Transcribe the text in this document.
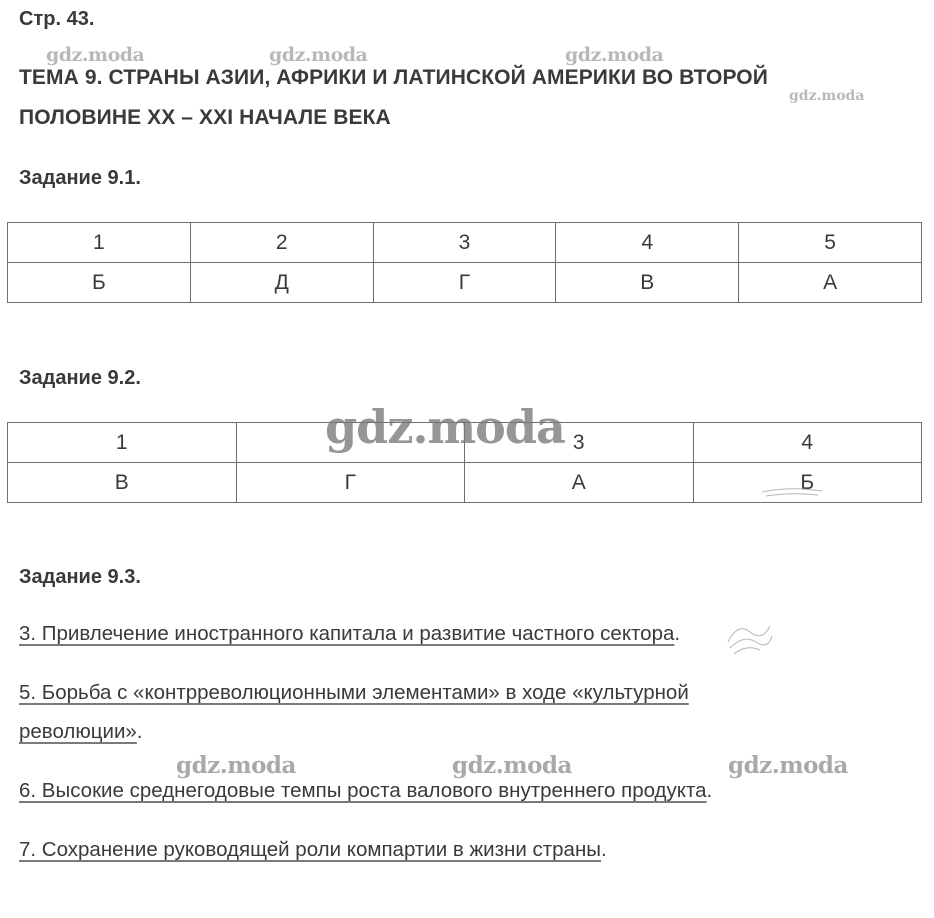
Стр. 43.
ТЕМА 9. СТРАНЫ АЗИИ, АФРИКИ И ЛАТИНСКОЙ АМЕРИКИ ВО ВТОРОЙ
ПОЛОВИНЕ XX – XXI НАЧАЛЕ ВЕКА
Задание 9.1.
1	2	3	4	5
Б	Д	Г	В	А
Задание 9.2.
1		3	4
В	Г	А	Б
Задание 9.3.
3. Привлечение иностранного капитала и развитие частного сектора.
5. Борьба с «контрреволюционными элементами» в ходе «культурной
революции».
6. Высокие среднегодовые темпы роста валового внутреннего продукта.
7. Сохранение руководящей роли компартии в жизни страны.
gdz.moda	gdz.moda	gdz.moda
gdz.moda
gdz.moda
gdz.moda	gdz.moda	gdz.moda
